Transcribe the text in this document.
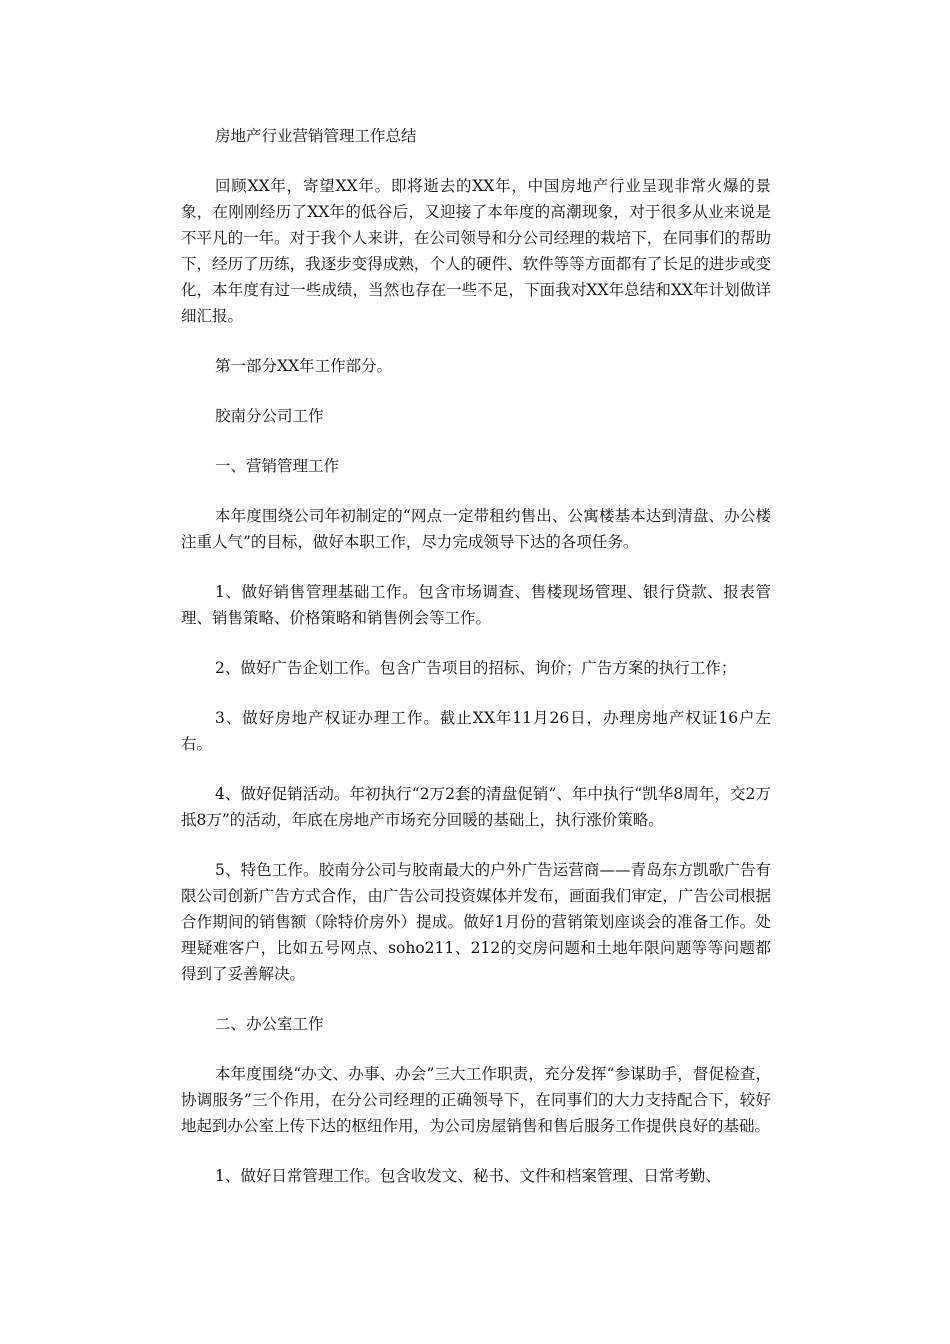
房地产行业营销管理工作总结

回顾XX年，寄望XX年。即将逝去的XX年，中国房地产行业呈现非常火爆的景象，在刚刚经历了XX年的低谷后，又迎接了本年度的高潮现象，对于很多从业来说是不平凡的一年。对于我个人来讲，在公司领导和分公司经理的栽培下，在同事们的帮助下，经历了历练，我逐步变得成熟，个人的硬件、软件等等方面都有了长足的进步或变化，本年度有过一些成绩，当然也存在一些不足，下面我对XX年总结和XX年计划做详细汇报。

第一部分XX年工作部分。

胶南分公司工作

一、营销管理工作

本年度围绕公司年初制定的“网点一定带租约售出、公寓楼基本达到清盘、办公楼注重人气”的目标，做好本职工作，尽力完成领导下达的各项任务。

1、做好销售管理基础工作。包含市场调查、售楼现场管理、银行贷款、报表管理、销售策略、价格策略和销售例会等工作。

2、做好广告企划工作。包含广告项目的招标、询价；广告方案的执行工作；

3、做好房地产权证办理工作。截止XX年11月26日，办理房地产权证16户左右。

4、做好促销活动。年初执行“2万2套的清盘促销”、年中执行“凯华8周年，交2万抵8万”的活动，年底在房地产市场充分回暖的基础上，执行涨价策略。

5、特色工作。胶南分公司与胶南最大的户外广告运营商——青岛东方凯歌广告有限公司创新广告方式合作，由广告公司投资媒体并发布，画面我们审定，广告公司根据合作期间的销售额（除特价房外）提成。做好1月份的营销策划座谈会的准备工作。处理疑难客户，比如五号网点、soho211、212的交房问题和土地年限问题等等问题都得到了妥善解决。

二、办公室工作

本年度围绕“办文、办事、办会”三大工作职责，充分发挥“参谋助手，督促检查，协调服务”三个作用，在分公司经理的正确领导下，在同事们的大力支持配合下，较好地起到办公室上传下达的枢纽作用，为公司房屋销售和售后服务工作提供良好的基础。

1、做好日常管理工作。包含收发文、秘书、文件和档案管理、日常考勤、
